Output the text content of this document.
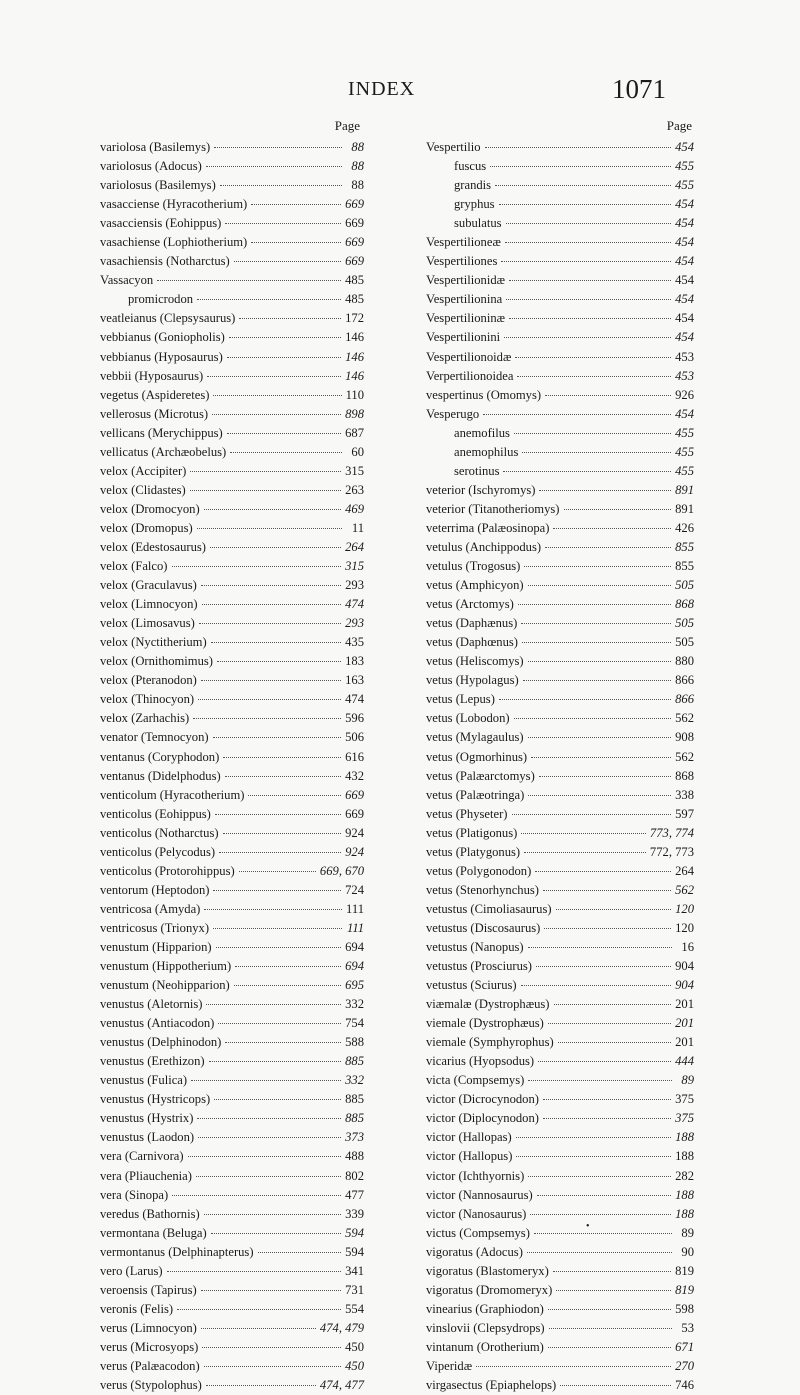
INDEX	1071
Page
variolosa (Basilemys)	88
variolosus (Adocus)	88
variolosus (Basilemys)	88
vasacciense (Hyracotherium)	669
vasacciensis (Eohippus)	669
vasachiense (Lophiotherium)	669
vasachiensis (Notharctus)	669
Vassacyon	485
promicrodon	485
veatleianus (Clepsysaurus)	172
vebbianus (Goniopholis)	146
vebbianus (Hyposaurus)	146
vebbii (Hyposaurus)	146
vegetus (Aspideretes)	110
vellerosus (Microtus)	898
vellicans (Merychippus)	687
vellicatus (Archæobelus)	60
velox (Accipiter)	315
velox (Clidastes)	263
velox (Dromocyon)	469
velox (Dromopus)	11
velox (Edestosaurus)	264
velox (Falco)	315
velox (Graculavus)	293
velox (Limnocyon)	474
velox (Limosavus)	293
velox (Nyctitherium)	435
velox (Ornithomimus)	183
velox (Pteranodon)	163
velox (Thinocyon)	474
velox (Zarhachis)	596
venator (Temnocyon)	506
ventanus (Coryphodon)	616
ventanus (Didelphodus)	432
venticolum (Hyracotherium)	669
venticolus (Eohippus)	669
venticolus (Notharctus)	924
venticolus (Pelycodus)	924
venticolus (Protorohippus)	669, 670
ventorum (Heptodon)	724
ventricosa (Amyda)	111
ventricosus (Trionyx)	111
venustum (Hipparion)	694
venustum (Hippotherium)	694
venustum (Neohipparion)	695
venustus (Aletornis)	332
venustus (Antiacodon)	754
venustus (Delphinodon)	588
venustus (Erethizon)	885
venustus (Fulica)	332
venustus (Hystricops)	885
venustus (Hystrix)	885
venustus (Laodon)	373
vera (Carnivora)	488
vera (Pliauchenia)	802
vera (Sinopa)	477
veredus (Bathornis)	339
vermontana (Beluga)	594
vermontanus (Delphinapterus)	594
vero (Larus)	341
veroensis (Tapirus)	731
veronis (Felis)	554
verus (Limnocyon)	474, 479
verus (Microsyops)	450
verus (Palæacodon)	450
verus (Stypolophus)	474, 477
Page
Vespertilio	454
fuscus	455
grandis	455
gryphus	454
subulatus	454
Vespertilioneæ	454
Vespertiliones	454
Vespertilionidæ	454
Vespertilionina	454
Vespertilioninæ	454
Vespertilionini	454
Vespertilionoidæ	453
Verpertilionoidea	453
vespertinus (Omomys)	926
Vesperugo	454
anemofilus	455
anemophilus	455
serotinus	455
veterior (Ischyromys)	891
veterior (Titanotheriomys)	891
veterrima (Palæosinopa)	426
vetulus (Anchippodus)	855
vetulus (Trogosus)	855
vetus (Amphicyon)	505
vetus (Arctomys)	868
vetus (Daphænus)	505
vetus (Daphœnus)	505
vetus (Heliscomys)	880
vetus (Hypolagus)	866
vetus (Lepus)	866
vetus (Lobodon)	562
vetus (Mylagaulus)	908
vetus (Ogmorhinus)	562
vetus (Palæarctomys)	868
vetus (Palæotringa)	338
vetus (Physeter)	597
vetus (Platigonus)	773, 774
vetus (Platygonus)	772, 773
vetus (Polygonodon)	264
vetus (Stenorhynchus)	562
vetustus (Cimoliasaurus)	120
vetustus (Discosaurus)	120
vetustus (Nanopus)	16
vetustus (Prosciurus)	904
vetustus (Sciurus)	904
viæmalæ (Dystrophæus)	201
viemale (Dystrophæus)	201
viemale (Symphyrophus)	201
vicarius (Hyopsodus)	444
victa (Compsemys)	89
victor (Dicrocynodon)	375
victor (Diplocynodon)	375
victor (Hallopas)	188
victor (Hallopus)	188
victor (Ichthyornis)	282
victor (Nannosaurus)	188
victor (Nanosaurus)	188
victus (Compsemys)	89
vigoratus (Adocus)	90
vigoratus (Blastomeryx)	819
vigoratus (Dromomeryx)	819
vinearius (Graphiodon)	598
vinslovii (Clepsydrops)	53
vintanum (Orotherium)	671
Viperidæ	270
virgasectus (Epiaphelops)	746
•
